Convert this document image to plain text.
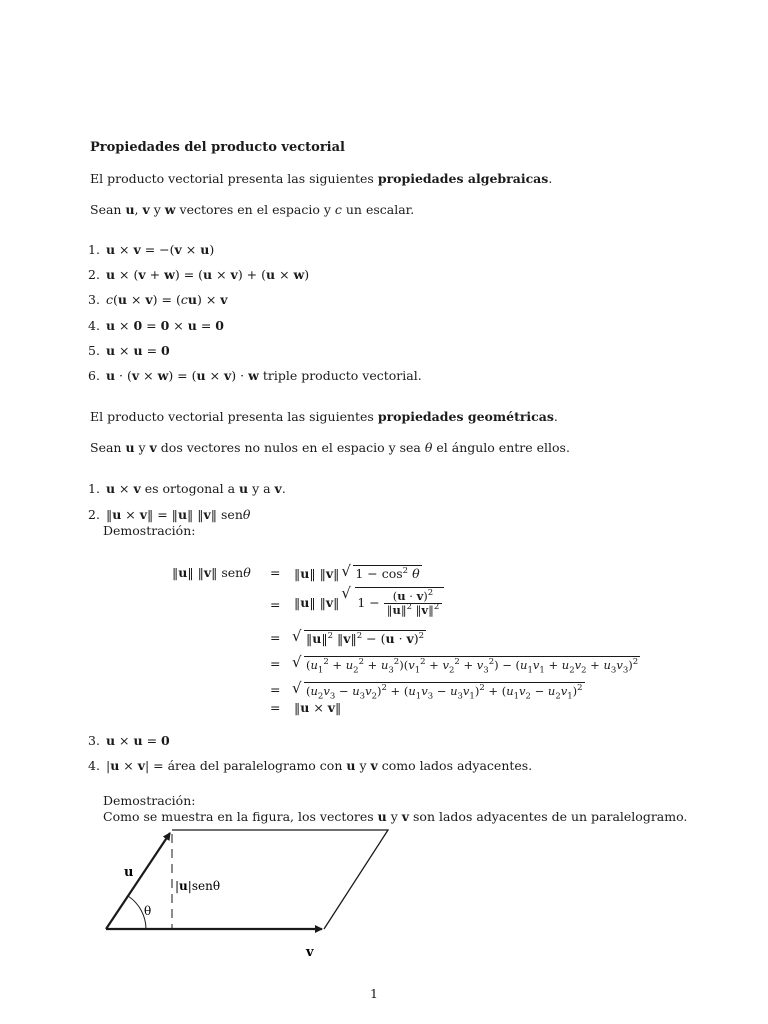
Propiedades del producto vectorial
El producto vectorial presenta las siguientes propiedades algebraicas.
Sean u, v y w vectores en el espacio y c un escalar.
1. u × v = −(v × u)
2. u × (v + w) = (u × v) + (u × w)
3. c(u × v) = (cu) × v
4. u × 0 = 0 × u = 0
5. u × u = 0
6. u · (v × w) = (u × v) · w triple producto vectorial.
El producto vectorial presenta las siguientes propiedades geométricas.
Sean u y v dos vectores no nulos en el espacio y sea θ el ángulo entre ellos.
1. u × v es ortogonal a u y a v.
2. ‖u × v‖ = ‖u‖ ‖v‖ senθ
Demostración:
‖u‖ ‖v‖ senθ = ‖u‖ ‖v‖ √ $1 - \cos^2 \theta$
= ‖u‖ ‖v‖ √ $1 - \frac{(u \cdot v)^2}{‖u‖^2 ‖v‖^2}$
=	√ ‖u‖$^2$ ‖v‖$^2$ − $(u \cdot v)^2$
=	√ $(u_1^2 + u_2^2 + u_3^2)(v_1^2 + v_2^2 + v_3^2) - (u_1v_1 + u_2v_2 + u_3v_3)^2$
=	√ $(u_2v_3 - u_3v_2)^2 + (u_1v_3 - u_3v_1)^2 + (u_1v_2 - u_2v_1)^2$
= ‖u × v‖
3. u × u = 0
4. |u × v| = área del paralelogramo con u y v como lados adyacentes.
Demostración:
Como se muestra en la figura, los vectores u y v son lados adyacentes de un paralelogramo.
u
θ
|u|senθ
v
1
